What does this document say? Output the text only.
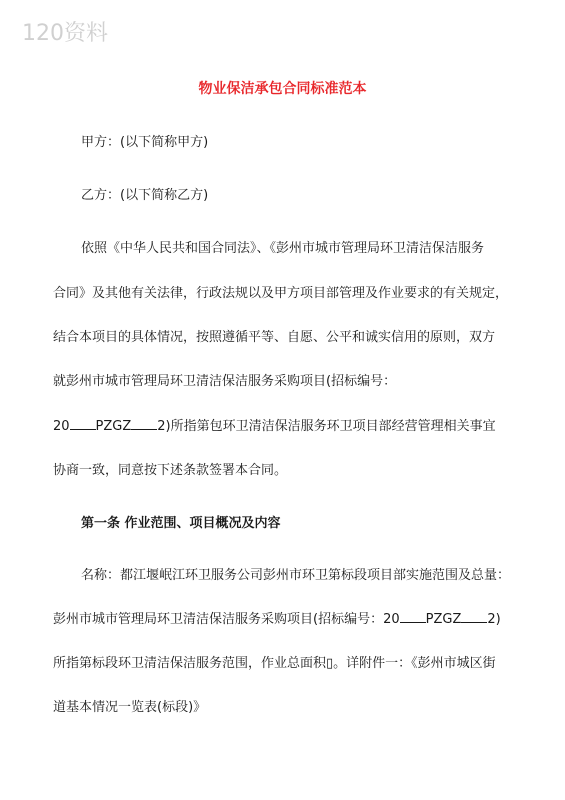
120资料
物业保洁承包合同标准范本
甲方：(以下简称甲方)
乙方：(以下简称乙方)
依照《中华人民共和国合同法》、《彭州市城市管理局环卫清洁保洁服务
合同》及其他有关法律，行政法规以及甲方项目部管理及作业要求的有关规定，
结合本项目的具体情况，按照遵循平等、自愿、公平和诚实信用的原则，双方
就彭州市城市管理局环卫清洁保洁服务采购项目(招标编号：
20 PZGZ 2)所指第包环卫清洁保洁服务环卫项目部经营管理相关事宜
协商一致，同意按下述条款签署本合同。
第一条 作业范围、项目概况及内容
名称：都江堰岷江环卫服务公司彭州市环卫第标段项目部实施范围及总量：
彭州市城市管理局环卫清洁保洁服务采购项目(招标编号：20 PZGZ 2)
所指第标段环卫清洁保洁服务范围，作业总面积▯。详附件一：《彭州市城区街
道基本情况一览表(标段)》
